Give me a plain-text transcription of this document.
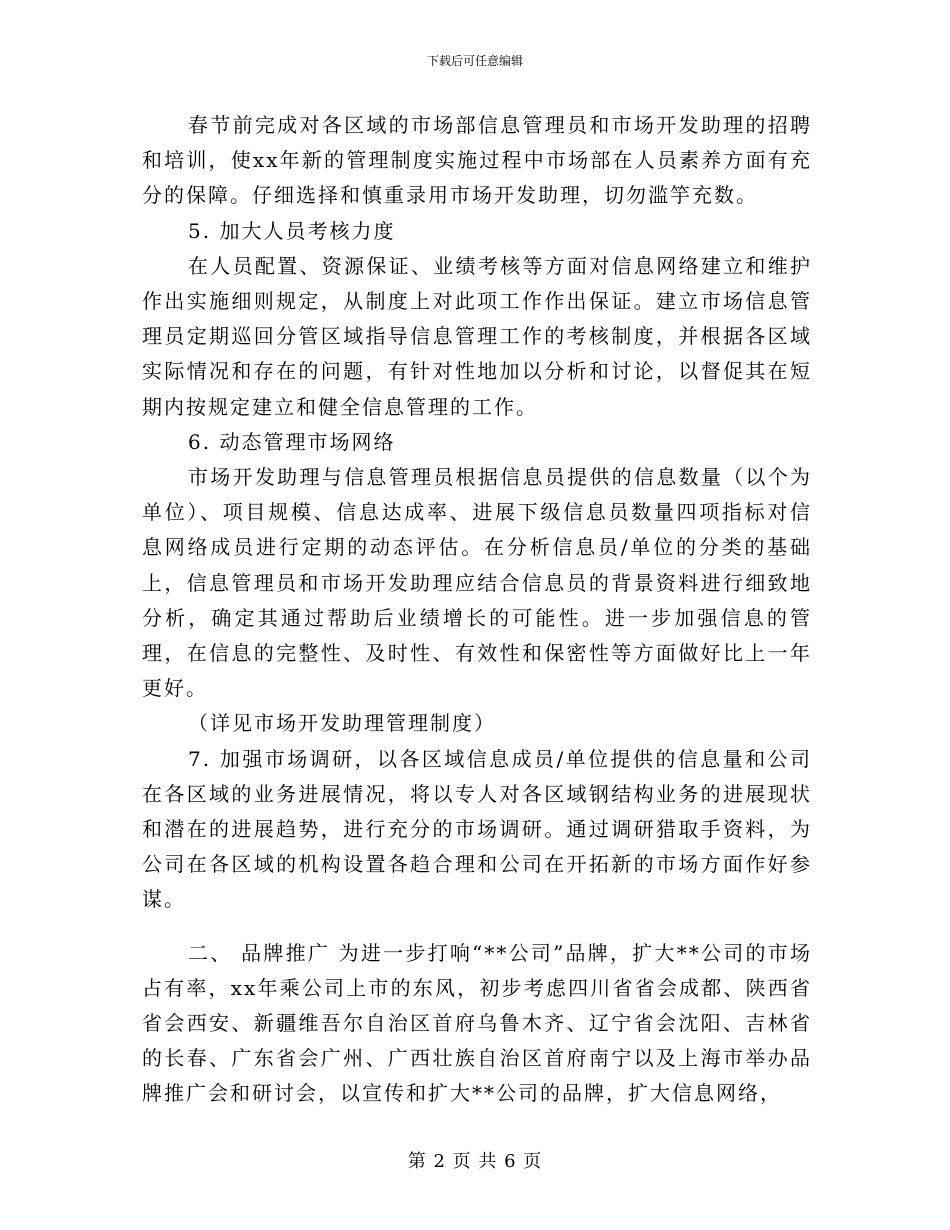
下载后可任意编辑

春节前完成对各区域的市场部信息管理员和市场开发助理的招聘和培训，使xx年新的管理制度实施过程中市场部在人员素养方面有充分的保障。仔细选择和慎重录用市场开发助理，切勿滥竽充数。

5. 加大人员考核力度

在人员配置、资源保证、业绩考核等方面对信息网络建立和维护作出实施细则规定，从制度上对此项工作作出保证。建立市场信息管理员定期巡回分管区域指导信息管理工作的考核制度，并根据各区域实际情况和存在的问题，有针对性地加以分析和讨论，以督促其在短期内按规定建立和健全信息管理的工作。

6. 动态管理市场网络

市场开发助理与信息管理员根据信息员提供的信息数量（以个为单位）、项目规模、信息达成率、进展下级信息员数量四项指标对信息网络成员进行定期的动态评估。在分析信息员/单位的分类的基础上，信息管理员和市场开发助理应结合信息员的背景资料进行细致地分析，确定其通过帮助后业绩增长的可能性。进一步加强信息的管理，在信息的完整性、及时性、有效性和保密性等方面做好比上一年更好。

（详见市场开发助理管理制度）

7. 加强市场调研，以各区域信息成员/单位提供的信息量和公司在各区域的业务进展情况，将以专人对各区域钢结构业务的进展现状和潜在的进展趋势，进行充分的市场调研。通过调研猎取手资料，为公司在各区域的机构设置各趋合理和公司在开拓新的市场方面作好参谋。

二、 品牌推广 为进一步打响“**公司”品牌，扩大**公司的市场占有率，xx年乘公司上市的东风，初步考虑四川省省会成都、陕西省省会西安、新疆维吾尔自治区首府乌鲁木齐、辽宁省会沈阳、吉林省的长春、广东省会广州、广西壮族自治区首府南宁以及上海市举办品牌推广会和研讨会，以宣传和扩大**公司的品牌，扩大信息网络，

第 2 页 共 6 页
